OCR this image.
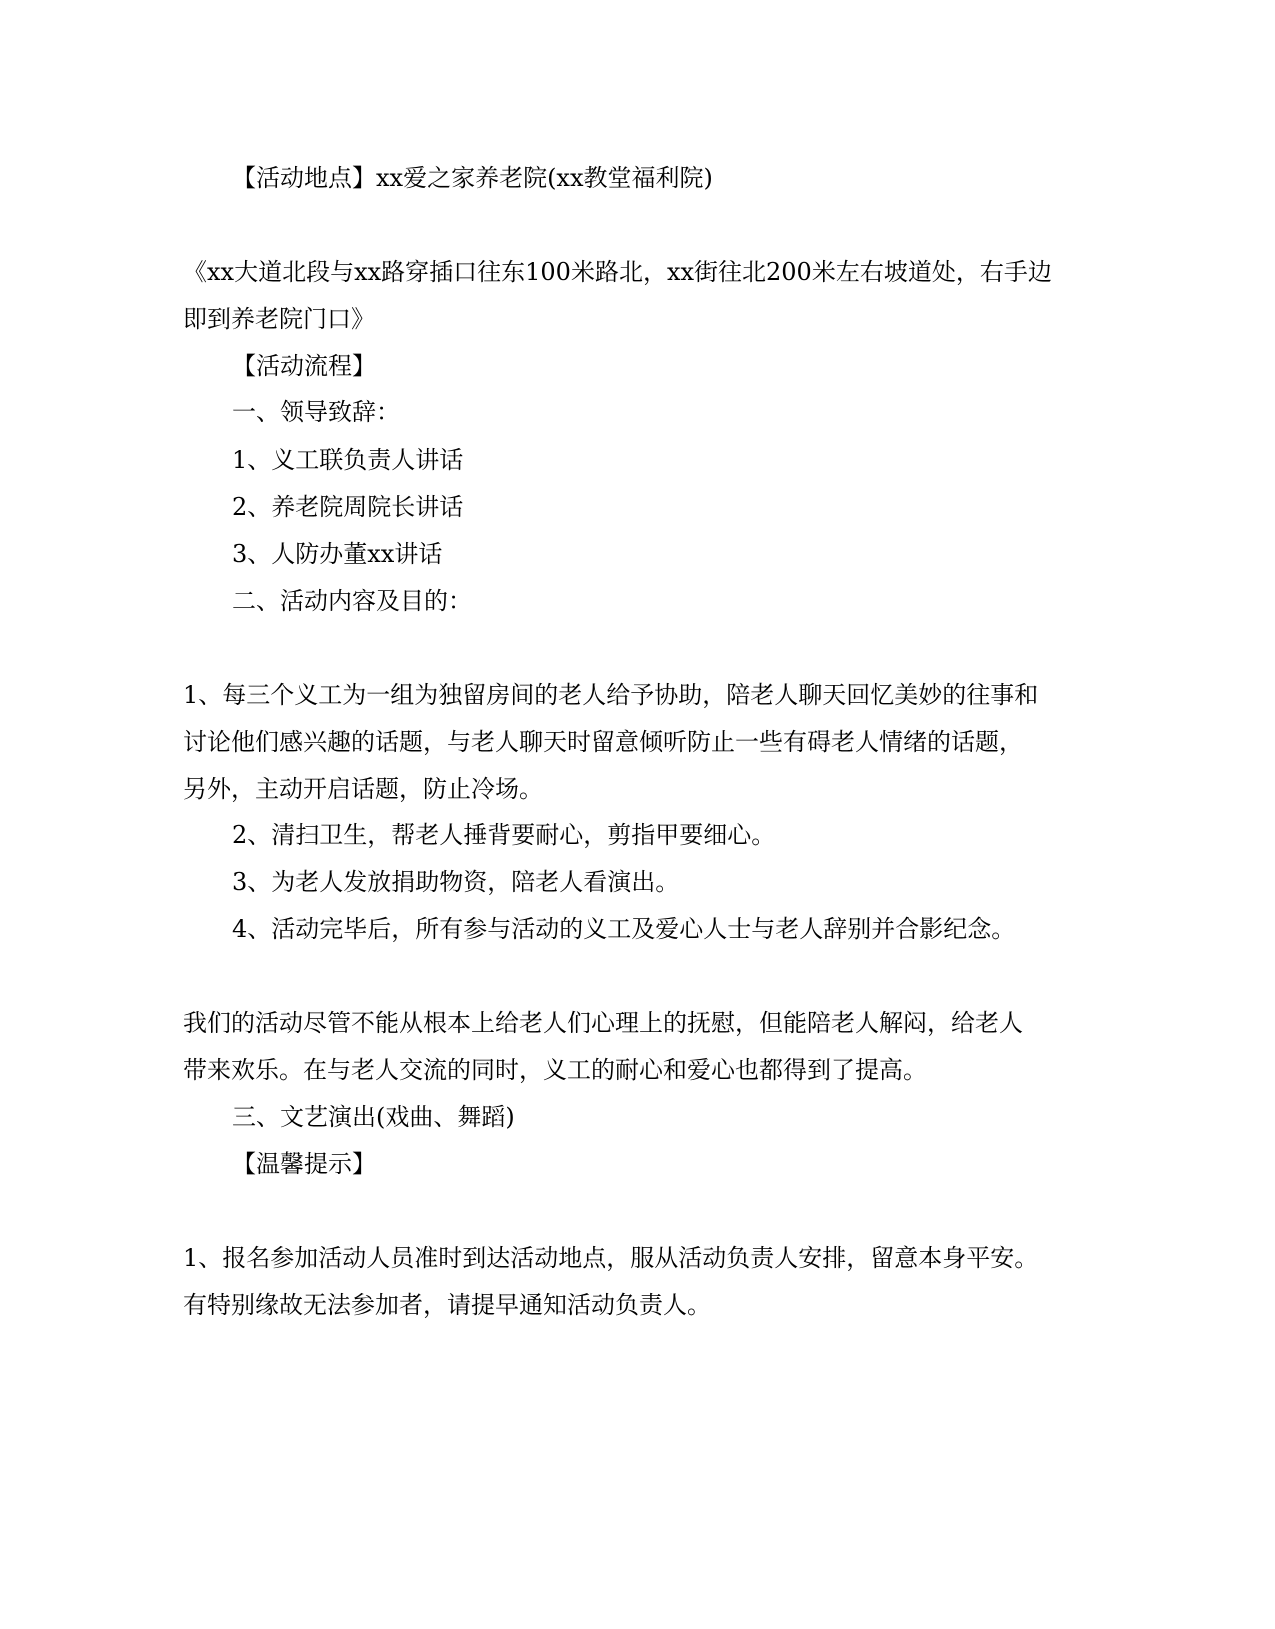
【活动地点】xx爱之家养老院(xx教堂福利院)
《xx大道北段与xx路穿插口往东100米路北，xx街往北200米左右坡道处，右手边
即到养老院门口》
【活动流程】
一、领导致辞：
1、义工联负责人讲话
2、养老院周院长讲话
3、人防办董xx讲话
二、活动内容及目的：
1、每三个义工为一组为独留房间的老人给予协助，陪老人聊天回忆美妙的往事和
讨论他们感兴趣的话题，与老人聊天时留意倾听防止一些有碍老人情绪的话题，
另外，主动开启话题，防止冷场。
2、清扫卫生，帮老人捶背要耐心，剪指甲要细心。
3、为老人发放捐助物资，陪老人看演出。
4、活动完毕后，所有参与活动的义工及爱心人士与老人辞别并合影纪念。
我们的活动尽管不能从根本上给老人们心理上的抚慰，但能陪老人解闷，给老人
带来欢乐。在与老人交流的同时，义工的耐心和爱心也都得到了提高。
三、文艺演出(戏曲、舞蹈)
【温馨提示】
1、报名参加活动人员准时到达活动地点，服从活动负责人安排，留意本身平安。
有特别缘故无法参加者，请提早通知活动负责人。
